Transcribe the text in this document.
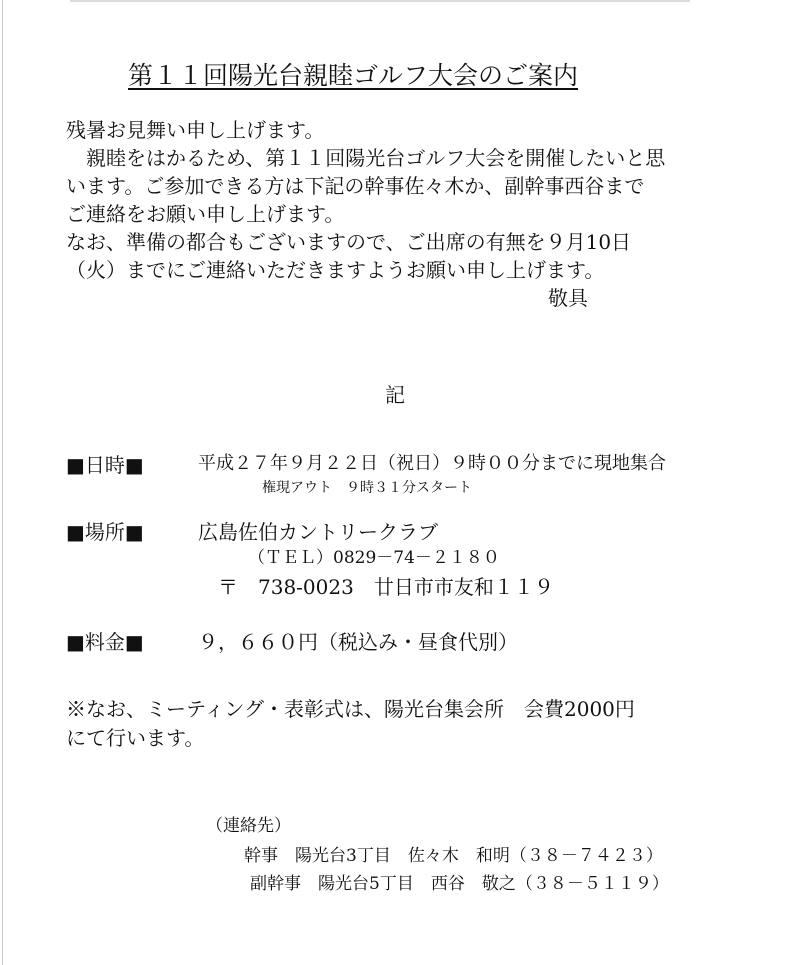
第１１回陽光台親睦ゴルフ大会のご案内
残暑お見舞い申し上げます。
　親睦をはかるため、第１１回陽光台ゴルフ大会を開催したいと思
います。ご参加できる方は下記の幹事佐々木か、副幹事西谷まで
ご連絡をお願い申し上げます。
なお、準備の都合もございますので、ご出席の有無を９月10日
（火）までにご連絡いただきますようお願い申し上げます。
敬具
記
■日時■	平成２７年９月２２日（祝日）９時００分までに現地集合
権現アウト　９時３１分スタート
■場所■	広島佐伯カントリークラブ
（ＴＥＬ）0829－74－２１８０
〒　738-0023　廿日市市友和１１９
■料金■	９，６６０円（税込み・昼食代別）
※なお、ミーティング・表彰式は、陽光台集会所　会費2000円
にて行います。
（連絡先）
幹事　陽光台3丁目　佐々木　和明（３８－７４２３）
副幹事　陽光台5丁目　西谷　敬之（３８－５１１９）
